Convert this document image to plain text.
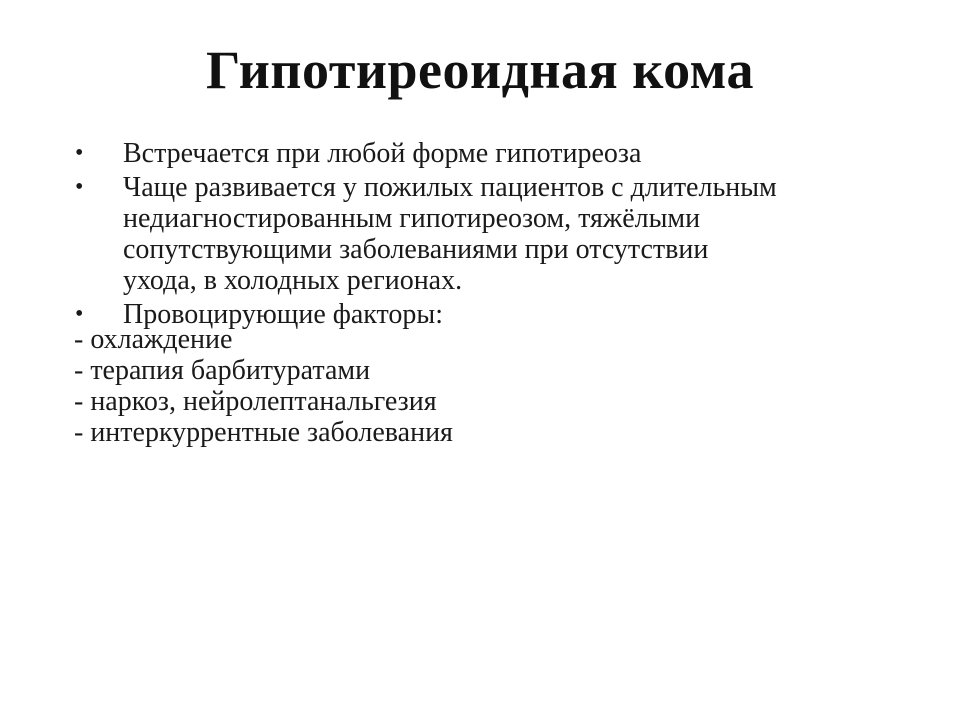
Гипотиреоидная кома
• Встречается при любой форме гипотиреоза
• Чаще развивается у пожилых пациентов с длительным
недиагностированным гипотиреозом, тяжёлыми
сопутствующими заболеваниями при отсутствии
ухода, в холодных регионах.
• Провоцирующие факторы:
- охлаждение
- терапия барбитуратами
- наркоз, нейролептанальгезия
- интеркуррентные заболевания
